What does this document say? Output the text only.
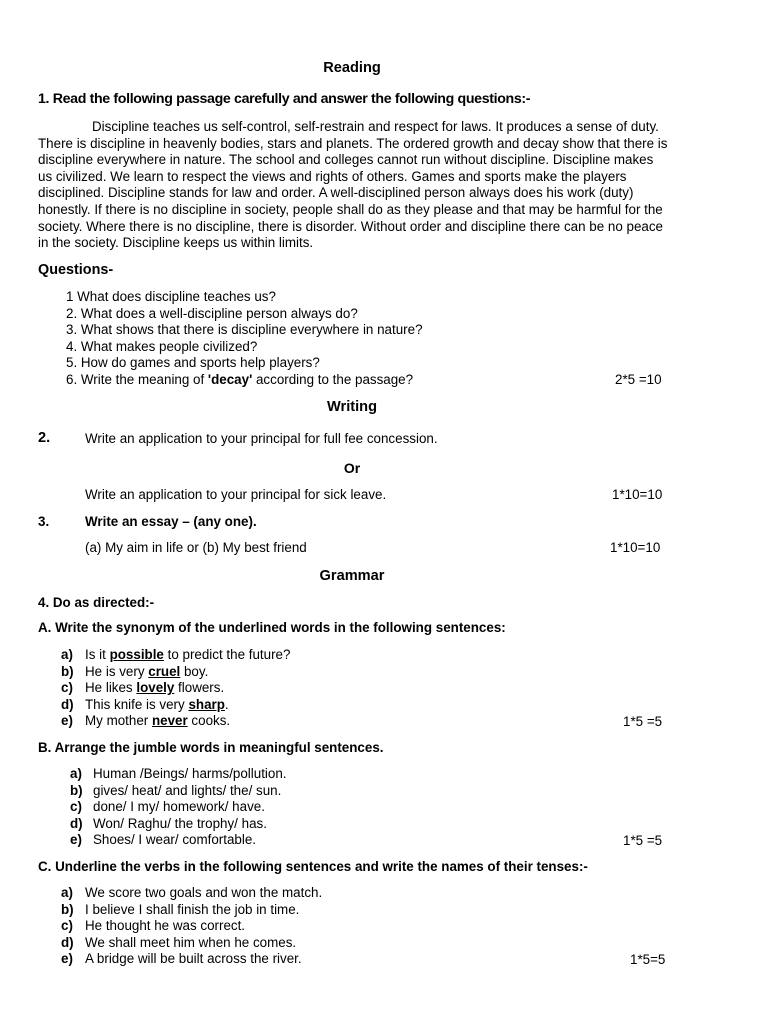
Reading
1. Read the following passage carefully and answer the following questions:-
Discipline teaches us self-control, self-restrain and respect for laws. It produces a sense of duty. There is discipline in heavenly bodies, stars and planets. The ordered growth and decay show that there is discipline everywhere in nature. The school and colleges cannot run without discipline. Discipline makes us civilized. We learn to respect the views and rights of others. Games and sports make the players disciplined. Discipline stands for law and order. A well-disciplined person always does his work (duty) honestly. If there is no discipline in society, people shall do as they please and that may be harmful for the society. Where there is no discipline, there is disorder. Without order and discipline there can be no peace in the society. Discipline keeps us within limits.
Questions-
1 What does discipline teaches us?
2. What does a well-discipline person always do?
3. What shows that there is discipline everywhere in nature?
4. What makes people civilized?
5. How do games and sports help players?
6. Write the meaning of 'decay' according to the passage?	2*5 =10
Writing
2.	Write an application to your principal for full fee concession.
Or
Write an application to your principal for sick leave.	1*10=10
3.	Write an essay – (any one).
(a) My aim in life or (b) My best friend	1*10=10
Grammar
4. Do as directed:-
A. Write the synonym of the underlined words in the following sentences:
a) Is it possible to predict the future?
b) He is very cruel boy.
c) He likes lovely flowers.
d) This knife is very sharp.
e) My mother never cooks.	1*5 =5
B. Arrange the jumble words in meaningful sentences.
a) Human /Beings/ harms/pollution.
b) gives/ heat/ and lights/ the/ sun.
c) done/ I my/ homework/ have.
d) Won/ Raghu/ the trophy/ has.
e) Shoes/ I wear/ comfortable.	1*5 =5
C. Underline the verbs in the following sentences and write the names of their tenses:-
a) We score two goals and won the match.
b) I believe I shall finish the job in time.
c) He thought he was correct.
d) We shall meet him when he comes.
e) A bridge will be built across the river.	1*5=5
